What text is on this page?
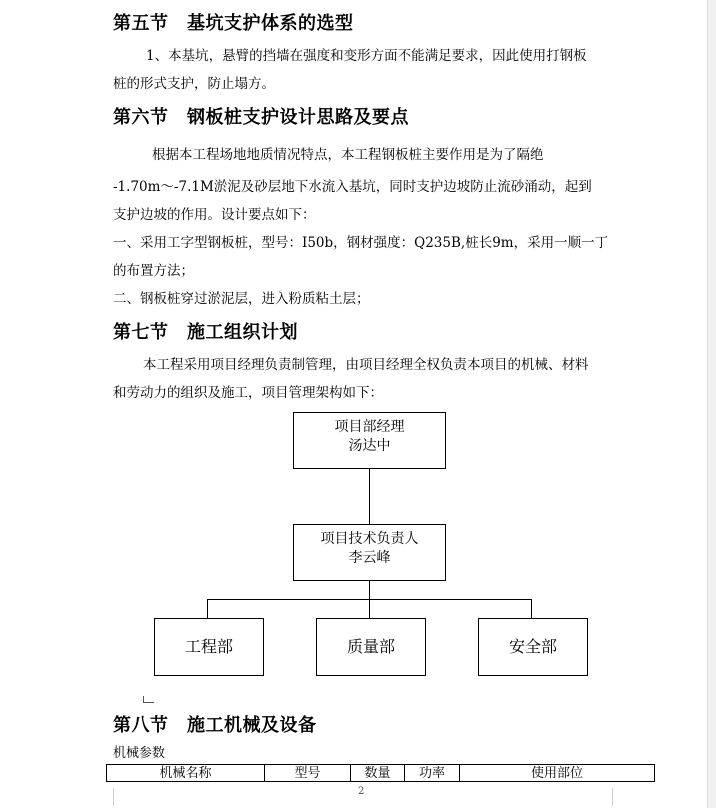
第五节　基坑支护体系的选型
1、本基坑，悬臂的挡墙在强度和变形方面不能满足要求，因此使用打钢板
桩的形式支护，防止塌方。
第六节　钢板桩支护设计思路及要点
根据本工程场地地质情况特点，本工程钢板桩主要作用是为了隔绝
-1.70m～-7.1M淤泥及砂层地下水流入基坑，同时支护边坡防止流砂涌动，起到
支护边坡的作用。设计要点如下：
一、采用工字型钢板桩，型号：I50b，钢材强度：Q235B,桩长9m，采用一顺一丁
的布置方法；
二、钢板桩穿过淤泥层，进入粉质粘土层；
第七节　施工组织计划
本工程采用项目经理负责制管理，由项目经理全权负责本项目的机械、材料
和劳动力的组织及施工，项目管理架构如下：
项目部经理
汤达中
项目技术负责人
李云峰
工程部	质量部	安全部
第八节　施工机械及设备
机械参数
机械名称	型号	数量	功率	使用部位
2
